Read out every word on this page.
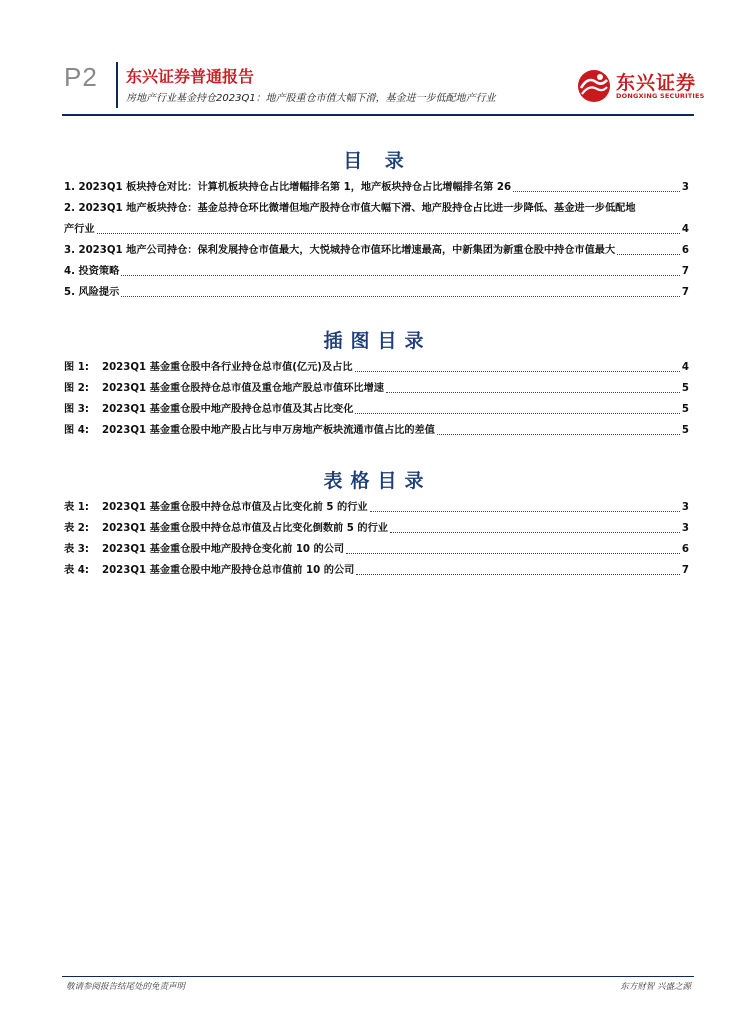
P2 东兴证券普通报告
房地产行业基金持仓2023Q1：地产股重仓市值大幅下滑，基金进一步低配地产行业
东兴证券
DONGXING SECURITIES
目 录
1. 2023Q1 板块持仓对比：计算机板块持仓占比增幅排名第 1，地产板块持仓占比增幅排名第 26	3
2. 2023Q1 地产板块持仓：基金总持仓环比微增但地产股持仓市值大幅下滑、地产股持仓占比进一步降低、基金进一步低配地
产行业	4
3. 2023Q1 地产公司持仓：保利发展持仓市值最大，大悦城持仓市值环比增速最高，中新集团为新重仓股中持仓市值最大	6
4. 投资策略	7
5. 风险提示	7
插图目录
图 1:	2023Q1 基金重仓股中各行业持仓总市值(亿元)及占比	4
图 2:	2023Q1 基金重仓股持仓总市值及重仓地产股总市值环比增速	5
图 3:	2023Q1 基金重仓股中地产股持仓总市值及其占比变化	5
图 4:	2023Q1 基金重仓股中地产股占比与申万房地产板块流通市值占比的差值	5
表格目录
表 1:	2023Q1 基金重仓股中持仓总市值及占比变化前 5 的行业	3
表 2:	2023Q1 基金重仓股中持仓总市值及占比变化倒数前 5 的行业	3
表 3:	2023Q1 基金重仓股中地产股持仓变化前 10 的公司	6
表 4:	2023Q1 基金重仓股中地产股持仓总市值前 10 的公司	7
敬请参阅报告结尾处的免责声明	东方财智 兴盛之源
